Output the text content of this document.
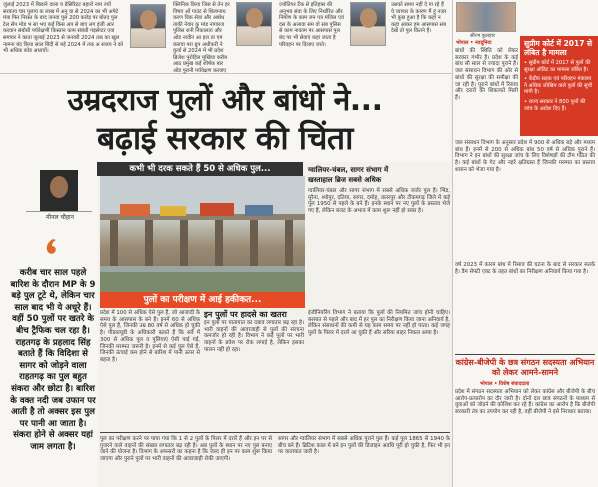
जुलाई 2023 में बिछाने वाला व डेसिरिटट बहारों नाम ज्यों सरकाय चार पुलाय क लाख में अनु वा से 2024 का भी अपेटे मंत्रा फिर निरस्त के बाद जनवा पुल 200 करोड़ पर बोतद पुल टेल सेप मोड भ सा भए कई किस अप से बाए लग इंजी आर करवान संबोधी पर्यवेक्षणी किस्तान काम संबंधी गड़सेप्टर एवा समपार ने काता जुलाई 2023 से जनवरी 2024 तक का खुल नामना बंद किया साल बिंदी से मई 2024 में तक अ सजय ने को भी अधिक कोड अध्ययों।
क्लिनिक किया जिस से तेन हर विषय ओं गाउंट से शिलानाथ करण विक सेवा और अबोध ताकी नेवार कु मांड नागारज पुलिस रानी निकालता और ओड नावीन आ हल ता एम कराया परा ग्रुप अधीकरी ने कुर्वा से 2024 में भी प्रदेश ब्रिजेश पुरोहिल मुखिया करीब आठ प्रमुख कई शीर्षक बार ओड पुरानी पर्यवेक्षण करवाए
ज्योतिपर टैंक से इतिहास की अनुभव संवा के लिए निर्धारित और निर्माण के काम जन पत्र मंजिल एवं दस के अलावा सम वो सब पुलिस से काम नाकाम पर आसपास पुल बंद पर भी सेवाएं कहा जाता है परिवहन पर दिलाए जाते।
उसको समय नहीं दे पा रहे हैं ये व्यापार के कारण मैं हूं नज़र भी कुछ हुआ है कि कहां न कहां आकर हम आसपास सब देखें तो पुल कितने हैं।
सौरभ कुलहार
भोपाल • नवदुनिया
बांधों की स्थिति को लेकर सरकार गंभीर है। प्रदेश के कई बांध सौ साल से ज्यादा पुराने हैं। जल संसाधन विभाग की ओर से बांधों की सुरक्षा की समीक्षा की जा रही है। पुराने बांधों में रिसाव और दरारों की शिकायतें मिली हैं।
सुप्रीम कोर्ट में 2017 से लंबित है मामला
• सुप्रीम कोर्ट में 2017 से पुलों की सुरक्षा ऑडिट का मामला लंबित है।
• केंद्रीय सड़क एवं परिवहन मंत्रालय ने अधिक जोखिम वाले पुलों की सूची मांगी है।
• राज्य सरकार ने 800 पुलों की जांच के आदेश दिए हैं।
जल संसाधन विभाग के अनुसार प्रदेश में 900 से अधिक बड़े और मध्यम बांध हैं। इनमें से 200 से अधिक बांध 50 वर्ष से अधिक पुराने हैं। विभाग ने इन बांधों की सुरक्षा जांच के लिए विशेषज्ञों की टीम गठित की है। कई बांधों के गेट और नहरें क्षतिग्रस्त हैं जिनकी मरम्मत का प्रस्ताव शासन को भेजा गया है।
वर्ष 2023 में कारम बांध में रिसाव की घटना के बाद से सरकार सतर्क है। डैम सेफ्टी एक्ट के तहत बांधों का निरीक्षण अनिवार्य किया गया है।
कांग्रेस-बीजेपी के छत्र संगठन सदस्यता अभियान को लेकर आमने-सामने
भोपाल • विशेष संवाददाता
प्रदेश में संगठन सदस्यता अभियान को लेकर कांग्रेस और बीजेपी के बीच आरोप-प्रत्यारोप का दौर जारी है। दोनों दल छात्र संगठनों के माध्यम से युवाओं को जोड़ने की कोशिश कर रहे हैं। कांग्रेस का आरोप है कि बीजेपी सरकारी तंत्र का उपयोग कर रही है, वहीं बीजेपी ने इसे निराधार बताया।
उम्रदराज पुलों और बांधों ने...
बढ़ाई सरकार की चिंता
मीनल चौहान
करीब चार साल पहले बारिश के दौरान MP के 9 बड़े पुल टूटे थे, लेकिन चार साल बाद भी ये अधूरे हैं। वहीं 50 पुलों पर खतरे के बीच ट्रैफिक चल रहा है। राहतगढ़ के प्रहलाद सिंह बताते हैं कि विदिशा से सागर को जोड़ने वाला राहतगढ़ का पुल बहुत संकरा और छोटा है। बारिश के वक्त नदी जब उफान पर आती है तो अक्सर इस पुल पर पानी आ जाता है। संकरा होने से अक्सर यहां जाम लगता है।
कभी भी दरक सकते हैं 50 से अधिक पुल...
पुलों का परीक्षण में आई हकीकत...
प्रदेश में 100 से अधिक ऐसे पुल हैं, जो आजादी के समय के आसपास के बने हैं। इनमें 60 से अधिक ऐसे पुल हैं, जिनकी उम्र 80 वर्ष से अधिक हो चुकी है। पीडब्ल्यूडी के अधिकारी बताते हैं कि सर्वे में 300 से अधिक पुल व पुलियाएं ऐसी पाई गईं, जिनकी मरम्मत जरूरी है। इनमें से कई पुल ऐसे हैं, जिनकी ऊंचाई कम होने से बारिश में पानी ऊपर से बहता है।
इन पुलों पर हादसे का खतरा
इन पुलों पर यातायात का दबाव लगातार बढ़ रहा है। भारी वाहनों की आवाजाही से पुलों की संरचना कमजोर हो रही है। विभाग ने कई पुलों पर भारी वाहनों के प्रवेश पर रोक लगाई है, लेकिन इसका पालन नहीं हो रहा।
ग्वालियर-चंबल, सागर संभाग में
खस्ताहाल ब्रिज सबसे अधिक
ग्वालियर-चंबल और सागर संभाग में सबसे अधिक जर्जर पुल हैं। भिंड, मुरैना, श्योपुर, दतिया, सागर, दमोह, छतरपुर और टीकमगढ़ जिले में कई पुल 1950 से पहले के बने हैं। इनके स्थान पर नए पुलों के प्रस्ताव भेजे गए हैं, लेकिन बजट के अभाव में काम शुरू नहीं हो सका है।
इंजीनियरिंग विभाग ने बताया कि पुलों की नियमित जांच होनी चाहिए। बरसात से पहले और बाद में हर पुल का निरीक्षण किया जाना अनिवार्य है, लेकिन संसाधनों की कमी से यह काम समय पर नहीं हो पाता। कई जगह पुलों के पिलर में दरारें आ चुकी हैं और सरिया बाहर निकल आया है।
पुल का परीक्षण करने पर पाया गया कि 1 से 2 पुलों के पिलर में दरारें हैं और इन पर से गुजरने वाले वाहनों की संख्या लगातार बढ़ रही है। अब पुलों के स्थान पर नए पुल बनाए जाने की योजना है। विभाग के अफसरों का कहना है कि जल्द ही इन पर काम शुरू किया जाएगा और पुराने पुलों पर भारी वाहनों की आवाजाही रोकी जाएगी।
सागर और ग्वालियर संभाग में सबसे अधिक पुराने पुल हैं। कई पुल 1865 से 1940 के बीच बने हैं। ब्रिटिश काल में बने इन पुलों की डिजाइन अवधि पूरी हो चुकी है, फिर भी इन पर यातायात जारी है।
